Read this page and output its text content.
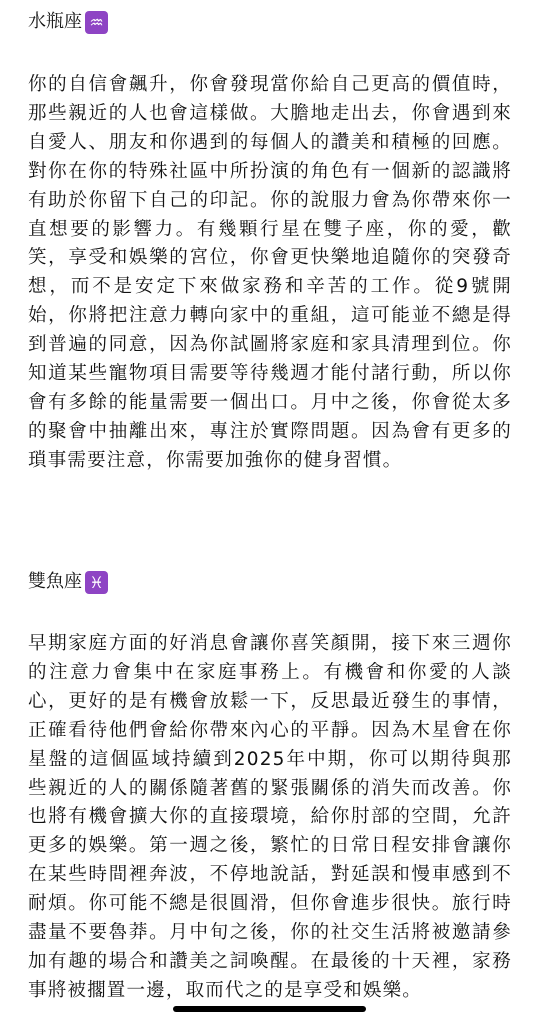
水瓶座 ♒

你的自信會飆升，你會發現當你給自己更高的價值時，那些親近的人也會這樣做。大膽地走出去，你會遇到來自愛人、朋友和你遇到的每個人的讚美和積極的回應。對你在你的特殊社區中所扮演的角色有一個新的認識將有助於你留下自己的印記。你的說服力會為你帶來你一直想要的影響力。有幾顆行星在雙子座，你的愛，歡笑，享受和娛樂的宮位，你會更快樂地追隨你的突發奇想，而不是安定下來做家務和辛苦的工作。從9號開始，你將把注意力轉向家中的重組，這可能並不總是得到普遍的同意，因為你試圖將家庭和家具清理到位。你知道某些寵物項目需要等待幾週才能付諸行動，所以你會有多餘的能量需要一個出口。月中之後，你會從太多的聚會中抽離出來，專注於實際問題。因為會有更多的瑣事需要注意，你需要加強你的健身習慣。

雙魚座 ♓

早期家庭方面的好消息會讓你喜笑顏開，接下來三週你的注意力會集中在家庭事務上。有機會和你愛的人談心，更好的是有機會放鬆一下，反思最近發生的事情，正確看待他們會給你帶來內心的平靜。因為木星會在你星盤的這個區域持續到2025年中期，你可以期待與那些親近的人的關係隨著舊的緊張關係的消失而改善。你也將有機會擴大你的直接環境，給你肘部的空間，允許更多的娛樂。第一週之後，繁忙的日常日程安排會讓你在某些時間裡奔波，不停地說話，對延誤和慢車感到不耐煩。你可能不總是很圓滑，但你會進步很快。旅行時盡量不要魯莽。月中旬之後，你的社交生活將被邀請參加有趣的場合和讚美之詞喚醒。在最後的十天裡，家務事將被擱置一邊，取而代之的是享受和娛樂。
